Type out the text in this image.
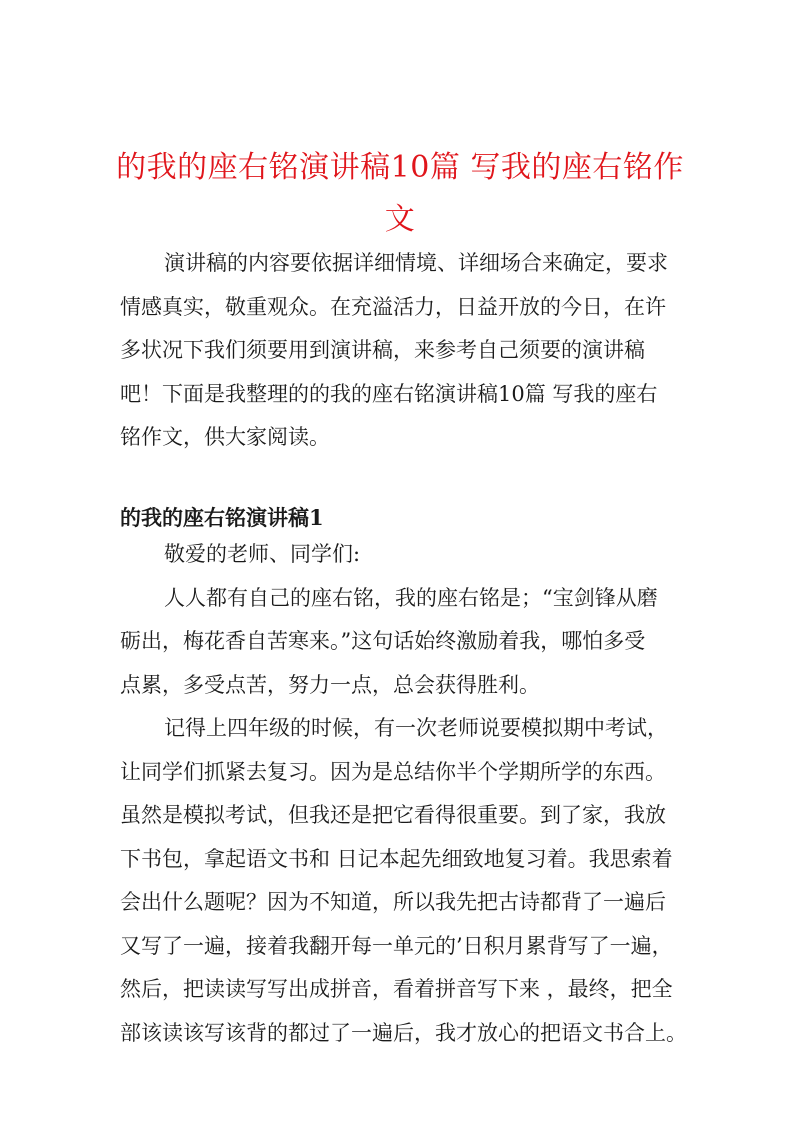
的我的座右铭演讲稿10篇 写我的座右铭作
文

演讲稿的内容要依据详细情境、详细场合来确定，要求

情感真实，敬重观众。在充溢活力，日益开放的今日，在许
多状况下我们须要用到演讲稿，来参考自己须要的演讲稿
吧！下面是我整理的的我的座右铭演讲稿10篇 写我的座右
铭作文，供大家阅读。

的我的座右铭演讲稿1

敬爱的老师、同学们:

人人都有自己的座右铭，我的座右铭是；“宝剑锋从磨
砺出，梅花香自苦寒来。”这句话始终激励着我，哪怕多受
点累，多受点苦，努力一点，总会获得胜利。

记得上四年级的时候，有一次老师说要模拟期中考试，
让同学们抓紧去复习。因为是总结你半个学期所学的东西。
虽然是模拟考试，但我还是把它看得很重要。到了家，我放
下书包，拿起语文书和 日记本起先细致地复习着。我思索着
会出什么题呢？因为不知道，所以我先把古诗都背了一遍后
又写了一遍，接着我翻开每一单元的’日积月累背写了一遍，
然后，把读读写写出成拼音，看着拼音写下来 ，最终，把全
部该读该写该背的都过了一遍后，我才放心的把语文书合上。
